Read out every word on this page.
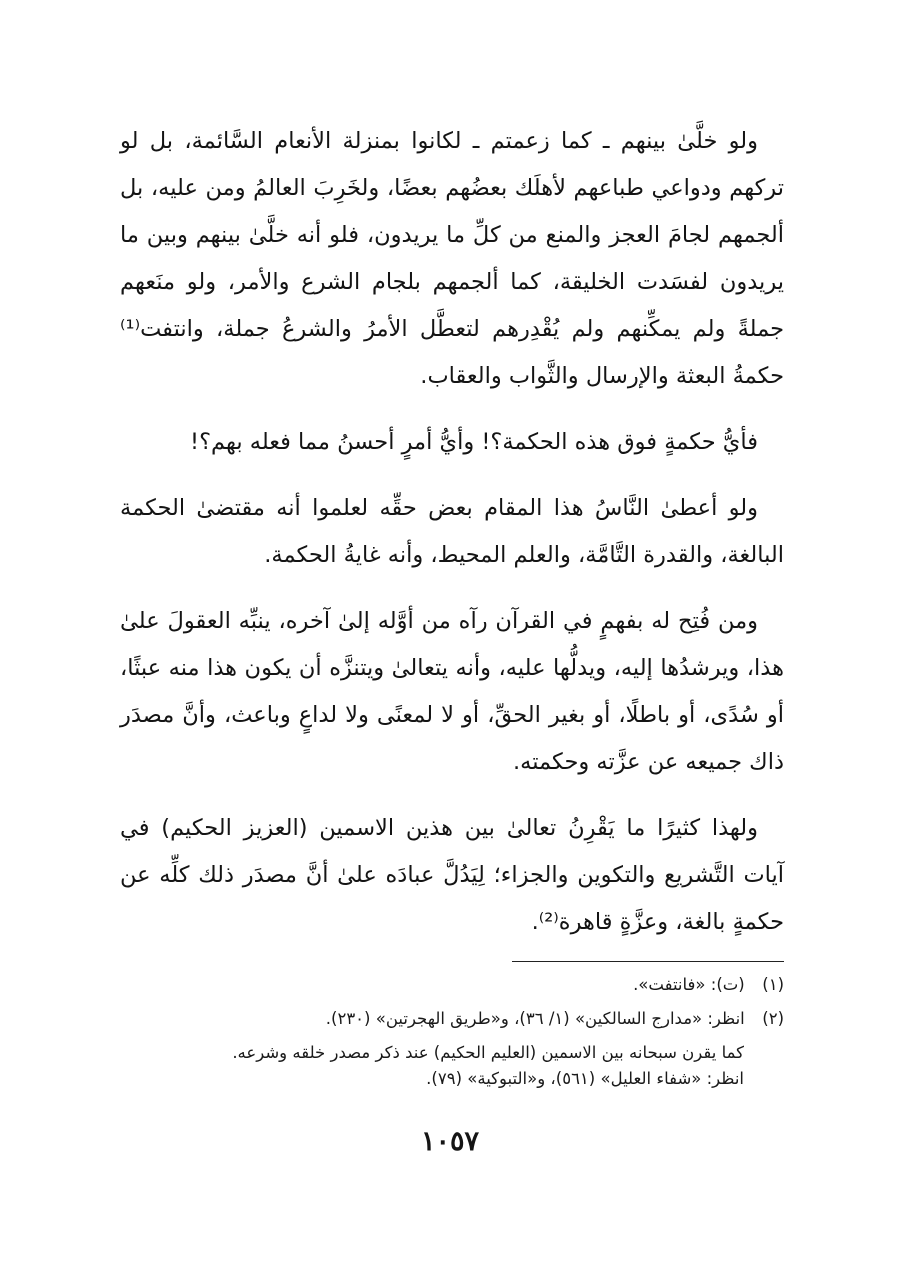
ولو خلَّىٰ بينهم ـ كما زعمتم ـ لكانوا بمنزلة الأنعام السَّائمة، بل لو تركهم ودواعي طباعهم لأهلَك بعضُهم بعضًا، ولخَرِبَ العالمُ ومن عليه، بل ألجمهم لجامَ العجز والمنع من كلِّ ما يريدون، فلو أنه خلَّىٰ بينهم وبين ما يريدون لفسَدت الخليقة، كما ألجمهم بلجام الشرع والأمر، ولو منَعهم جملةً ولم يمكِّنهم ولم يُقْدِرهم لتعطَّل الأمرُ والشرعُ جملة، وانتفت⁽¹⁾ حكمةُ البعثة والإرسال والثَّواب والعقاب.

فأيُّ حكمةٍ فوق هذه الحكمة؟! وأيُّ أمرٍ أحسنُ مما فعله بهم؟!

ولو أعطىٰ النَّاسُ هذا المقام بعض حقِّه لعلموا أنه مقتضىٰ الحكمة البالغة، والقدرة التَّامَّة، والعلم المحيط، وأنه غايةُ الحكمة.

ومن فُتِح له بفهمٍ في القرآن رآه من أوَّله إلىٰ آخره، ينبِّه العقولَ علىٰ هذا، ويرشدُها إليه، ويدلُّها عليه، وأنه يتعالىٰ ويتنزَّه أن يكون هذا منه عبثًا، أو سُدًى، أو باطلًا، أو بغير الحقِّ، أو لا لمعنًى ولا لداعٍ وباعث، وأنَّ مصدَر ذاك جميعه عن عزَّته وحكمته.

ولهذا كثيرًا ما يَقْرِنُ تعالىٰ بين هذين الاسمين (العزيز الحكيم) في آيات التَّشريع والتكوين والجزاء؛ لِيَدُلَّ عبادَه علىٰ أنَّ مصدَر ذلك كلِّه عن حكمةٍ بالغة، وعزَّةٍ قاهرة⁽²⁾.

(١) (ت): «فانتفت».

(٢) انظر: «مدارج السالكين» (١/ ٣٦)، و«طريق الهجرتين» (٢٣٠).

كما يقرن سبحانه بين الاسمين (العليم الحكيم) عند ذكر مصدر خلقه وشرعه.

انظر: «شفاء العليل» (٥٦١)، و«التبوكية» (٧٩).

١٠٥٧
